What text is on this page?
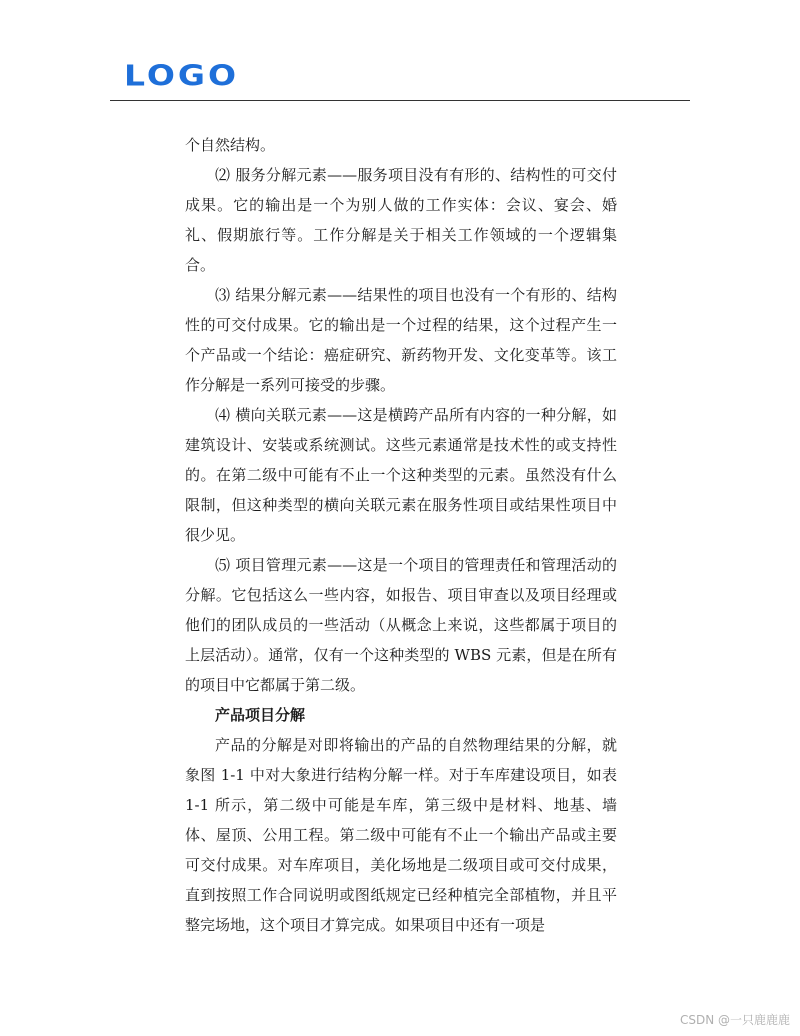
LOGO

个自然结构。

⑵ 服务分解元素——服务项目没有有形的、结构性的可交付成果。它的输出是一个为别人做的工作实体：会议、宴会、婚礼、假期旅行等。工作分解是关于相关工作领域的一个逻辑集合。

⑶ 结果分解元素——结果性的项目也没有一个有形的、结构性的可交付成果。它的输出是一个过程的结果，这个过程产生一个产品或一个结论：癌症研究、新药物开发、文化变革等。该工作分解是一系列可接受的步骤。

⑷ 横向关联元素——这是横跨产品所有内容的一种分解，如建筑设计、安装或系统测试。这些元素通常是技术性的或支持性的。在第二级中可能有不止一个这种类型的元素。虽然没有什么限制，但这种类型的横向关联元素在服务性项目或结果性项目中很少见。

⑸ 项目管理元素——这是一个项目的管理责任和管理活动的分解。它包括这么一些内容，如报告、项目审查以及项目经理或他们的团队成员的一些活动（从概念上来说，这些都属于项目的上层活动）。通常，仅有一个这种类型的 WBS 元素，但是在所有的项目中它都属于第二级。

产品项目分解

产品的分解是对即将输出的产品的自然物理结果的分解，就象图 1-1 中对大象进行结构分解一样。对于车库建设项目，如表 1-1 所示，第二级中可能是车库，第三级中是材料、地基、墙体、屋顶、公用工程。第二级中可能有不止一个输出产品或主要可交付成果。对车库项目，美化场地是二级项目或可交付成果，直到按照工作合同说明或图纸规定已经种植完全部植物，并且平整完场地，这个项目才算完成。如果项目中还有一项是

CSDN @一只鹿鹿鹿
